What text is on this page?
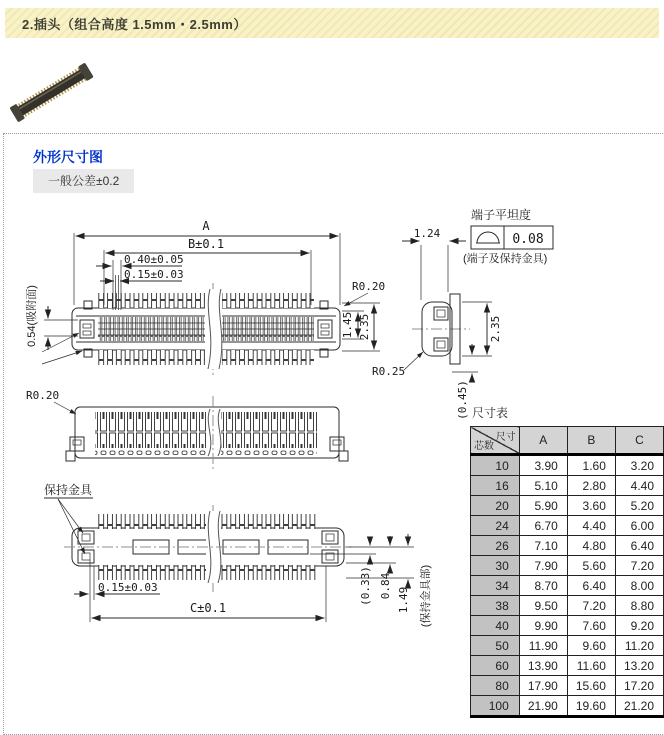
2.插头（组合高度 1.5mm・2.5mm）
外形尺寸图
一般公差±0.2
A
B±0.1
0.40±0.05
0.15±0.03
0.54(吸附面)	R0.20
1.45 2.35
1.24
端子平坦度
0.08
(端子及保持金具)
2.35
(0.45)
R0.25
R0.20
保持金具
0.15±0.03
C±0.1
(0.33) 0.84
1.49 (保持金具部)
尺寸表
尺寸
芯数	A	B	C
10	3.90	1.60	3.20
16	5.10	2.80	4.40
20	5.90	3.60	5.20
24	6.70	4.40	6.00
26	7.10	4.80	6.40
30	7.90	5.60	7.20
34	8.70	6.40	8.00
38	9.50	7.20	8.80
40	9.90	7.60	9.20
50	11.90	9.60	11.20
60	13.90	11.60	13.20
80	17.90	15.60	17.20
100	21.90	19.60	21.20
